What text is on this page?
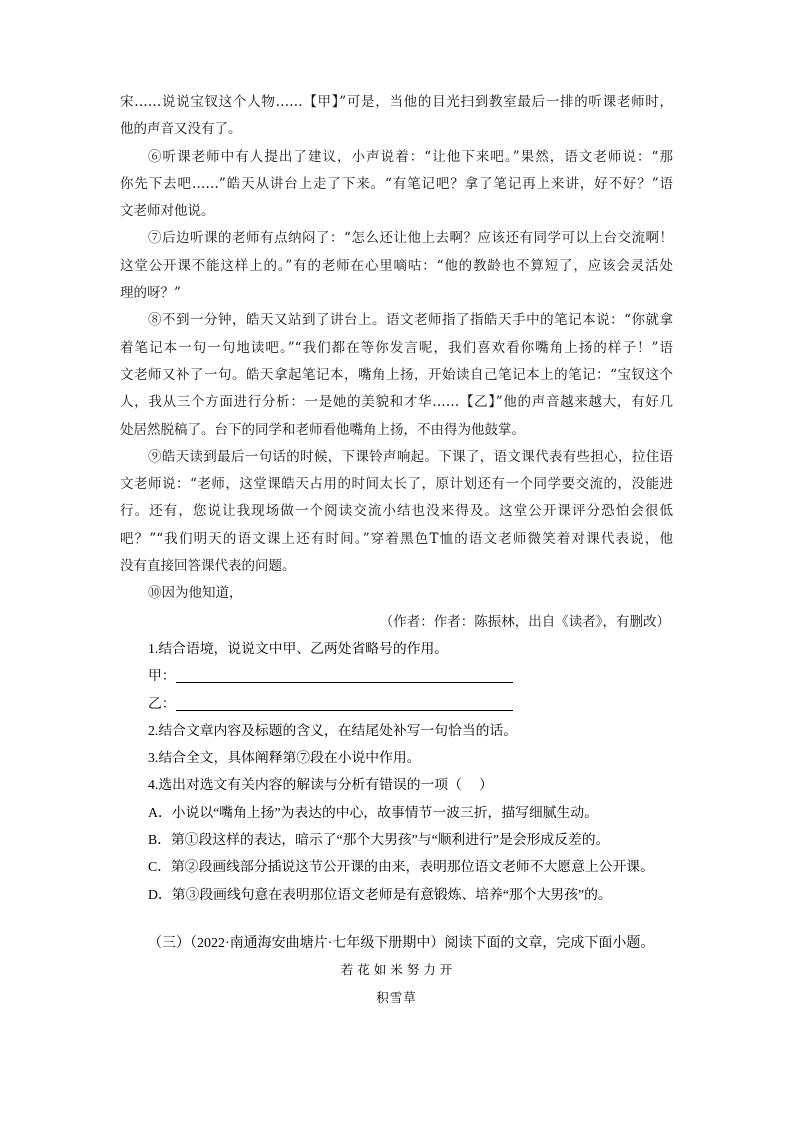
宋……说说宝钗这个人物……【甲】”可是，当他的目光扫到教室最后一排的听课老师时，
他的声音又没有了。
⑥听课老师中有人提出了建议，小声说着：“让他下来吧。”果然，语文老师说：“那
你先下去吧……”皓天从讲台上走了下来。“有笔记吧？拿了笔记再上来讲，好不好？”语
文老师对他说。
⑦后边听课的老师有点纳闷了：“怎么还让他上去啊？应该还有同学可以上台交流啊！
这堂公开课不能这样上的。”有的老师在心里嘀咕：“他的教龄也不算短了，应该会灵活处
理的呀？”
⑧不到一分钟，皓天又站到了讲台上。语文老师指了指皓天手中的笔记本说：“你就拿
着笔记本一句一句地读吧。”“我们都在等你发言呢，我们喜欢看你嘴角上扬的样子！”语
文老师又补了一句。皓天拿起笔记本，嘴角上扬，开始读自己笔记本上的笔记：“宝钗这个
人，我从三个方面进行分析：一是她的美貌和才华……【乙】”他的声音越来越大，有好几
处居然脱稿了。台下的同学和老师看他嘴角上扬，不由得为他鼓掌。
⑨皓天读到最后一句话的时候，下课铃声响起。下课了，语文课代表有些担心，拉住语
文老师说：“老师，这堂课皓天占用的时间太长了，原计划还有一个同学要交流的，没能进
行。还有，您说让我现场做一个阅读交流小结也没来得及。这堂公开课评分恐怕会很低
吧？”“我们明天的语文课上还有时间。”穿着黑色T恤的语文老师微笑着对课代表说，他
没有直接回答课代表的问题。
⑩因为他知道，
（作者：作者：陈振林，出自《读者》，有删改）
1.结合语境，说说文中甲、乙两处省略号的作用。
甲：
乙：
2.结合文章内容及标题的含义，在结尾处补写一句恰当的话。
3.结合全文，具体阐释第⑦段在小说中作用。
4.选出对选文有关内容的解读与分析有错误的一项（     ）
A．小说以“嘴角上扬”为表达的中心，故事情节一波三折，描写细腻生动。
B．第①段这样的表达，暗示了“那个大男孩”与“顺利进行”是会形成反差的。
C．第②段画线部分插说这节公开课的由来，表明那位语文老师不大愿意上公开课。
D．第③段画线句意在表明那位语文老师是有意锻炼、培养“那个大男孩”的。
（三）（2022·南通海安曲塘片·七年级下册期中）阅读下面的文章，完成下面小题。
若花如米努力开
积雪草
